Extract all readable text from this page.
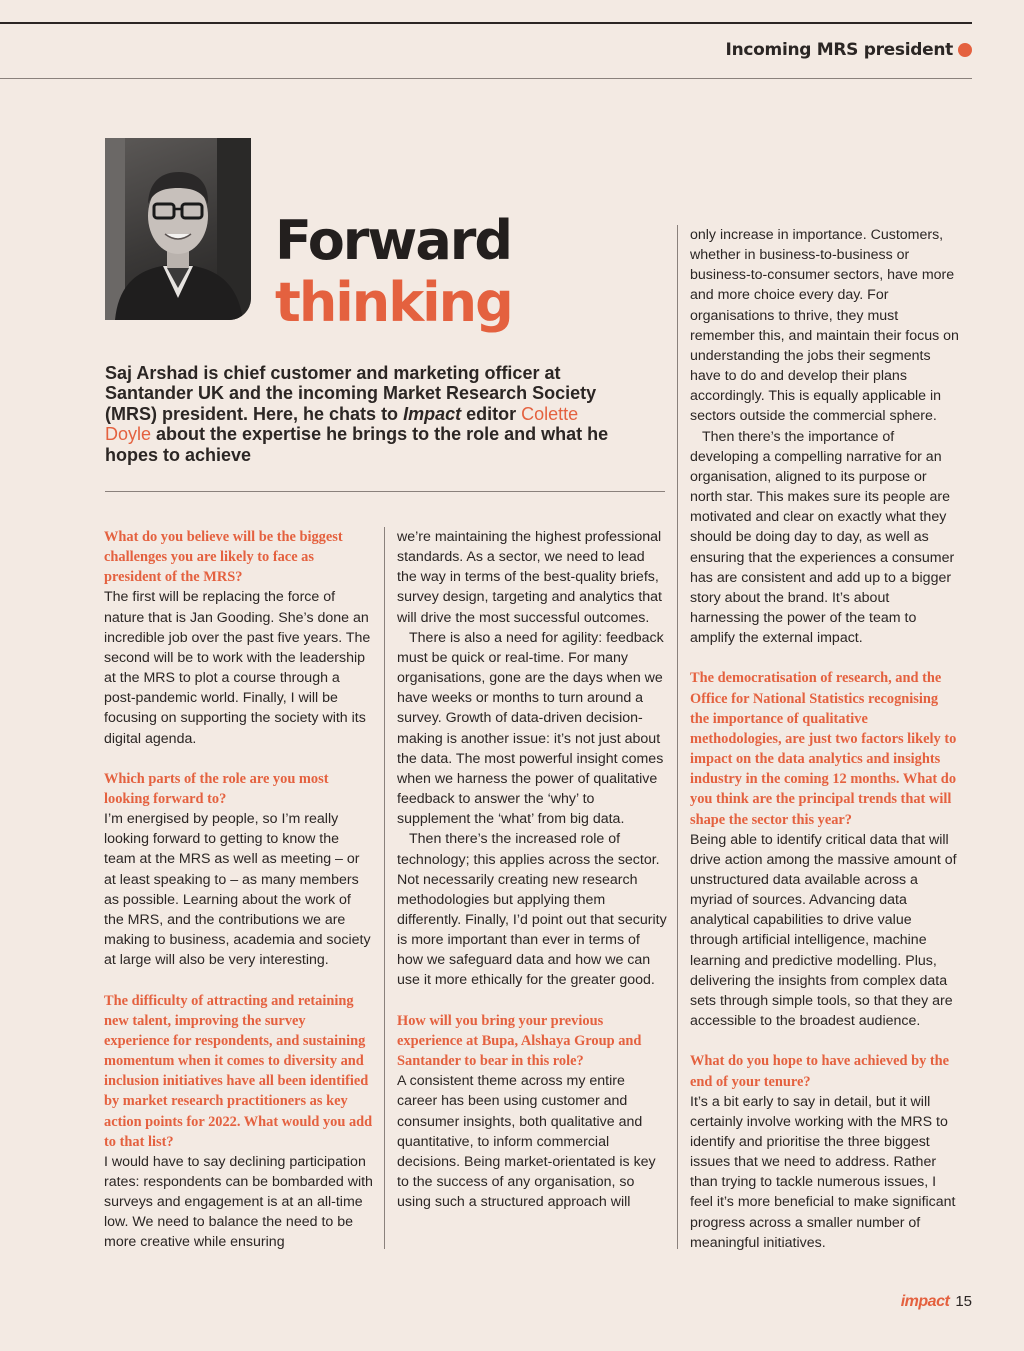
Incoming MRS president
Forward
thinking
Saj Arshad is chief customer and marketing officer at Santander UK and the incoming Market Research Society (MRS) president. Here, he chats to Impact editor Colette Doyle about the expertise he brings to the role and what he hopes to achieve

What do you believe will be the biggest challenges you are likely to face as president of the MRS?

The first will be replacing the force of nature that is Jan Gooding. She’s done an incredible job over the past five years. The second will be to work with the leadership at the MRS to plot a course through a post-pandemic world. Finally, I will be focusing on supporting the society with its digital agenda.

Which parts of the role are you most looking forward to?

I’m energised by people, so I’m really looking forward to getting to know the team at the MRS as well as meeting – or at least speaking to – as many members as possible. Learning about the work of the MRS, and the contributions we are making to business, academia and society at large will also be very interesting.

The difficulty of attracting and retaining new talent, improving the survey experience for respondents, and sustaining momentum when it comes to diversity and inclusion initiatives have all been identified by market research practitioners as key action points for 2022. What would you add to that list?

I would have to say declining participation rates: respondents can be bombarded with surveys and engagement is at an all-time low. We need to balance the need to be more creative while ensuring

we’re maintaining the highest professional standards. As a sector, we need to lead the way in terms of the best-quality briefs, survey design, targeting and analytics that will drive the most successful outcomes.

There is also a need for agility: feedback must be quick or real-time. For many organisations, gone are the days when we have weeks or months to turn around a survey. Growth of data-driven decision-making is another issue: it’s not just about the data. The most powerful insight comes when we harness the power of qualitative feedback to answer the ‘why’ to supplement the ‘what’ from big data.

Then there’s the increased role of technology; this applies across the sector. Not necessarily creating new research methodologies but applying them differently. Finally, I’d point out that security is more important than ever in terms of how we safeguard data and how we can use it more ethically for the greater good.

How will you bring your previous experience at Bupa, Alshaya Group and Santander to bear in this role?

A consistent theme across my entire career has been using customer and consumer insights, both qualitative and quantitative, to inform commercial decisions. Being market-orientated is key to the success of any organisation, so using such a structured approach will

only increase in importance. Customers, whether in business-to-business or business-to-consumer sectors, have more and more choice every day. For organisations to thrive, they must remember this, and maintain their focus on understanding the jobs their segments have to do and develop their plans accordingly. This is equally applicable in sectors outside the commercial sphere.

Then there’s the importance of developing a compelling narrative for an organisation, aligned to its purpose or north star. This makes sure its people are motivated and clear on exactly what they should be doing day to day, as well as ensuring that the experiences a consumer has are consistent and add up to a bigger story about the brand. It’s about harnessing the power of the team to amplify the external impact.

The democratisation of research, and the Office for National Statistics recognising the importance of qualitative methodologies, are just two factors likely to impact on the data analytics and insights industry in the coming 12 months. What do you think are the principal trends that will shape the sector this year?

Being able to identify critical data that will drive action among the massive amount of unstructured data available across a myriad of sources. Advancing data analytical capabilities to drive value through artificial intelligence, machine learning and predictive modelling. Plus, delivering the insights from complex data sets through simple tools, so that they are accessible to the broadest audience.

What do you hope to have achieved by the end of your tenure?

It’s a bit early to say in detail, but it will certainly involve working with the MRS to identify and prioritise the three biggest issues that we need to address. Rather than trying to tackle numerous issues, I feel it’s more beneficial to make significant progress across a smaller number of meaningful initiatives.

impact 15
